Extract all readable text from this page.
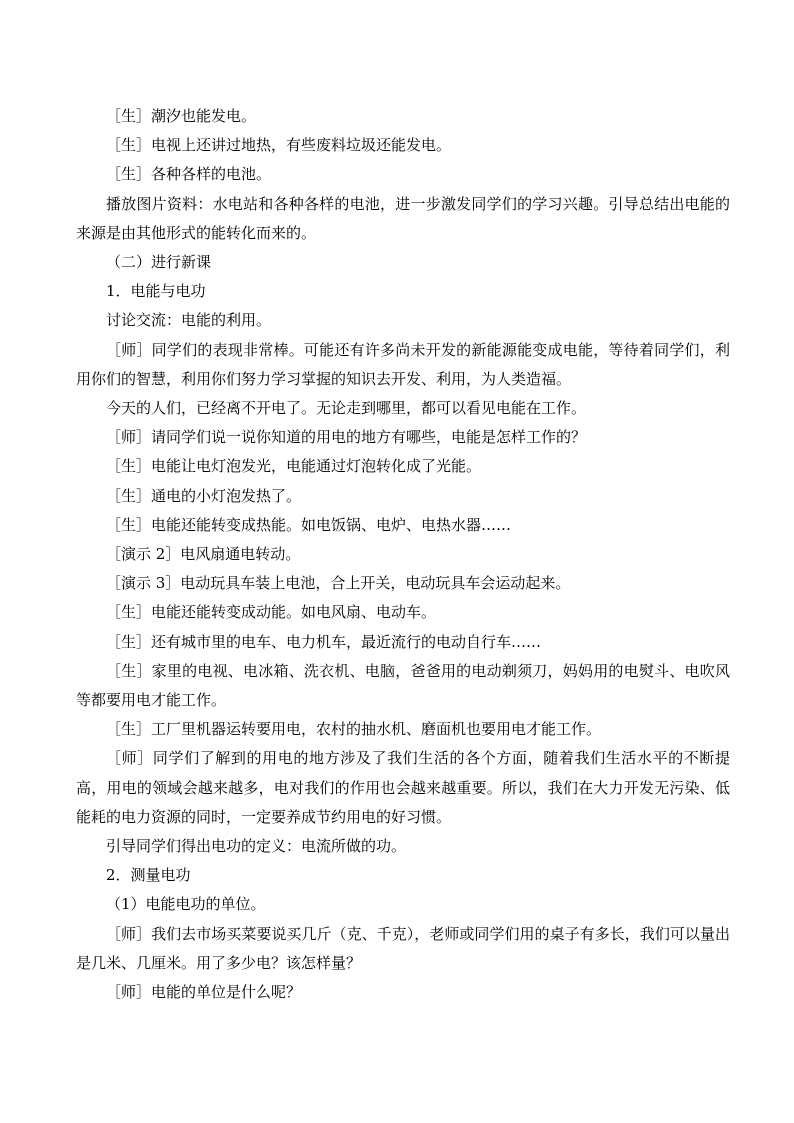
［生］潮汐也能发电。

［生］电视上还讲过地热，有些废料垃圾还能发电。

［生］各种各样的电池。

播放图片资料：水电站和各种各样的电池，进一步激发同学们的学习兴趣。引导总结出电能的来源是由其他形式的能转化而来的。

（二）进行新课

1．电能与电功

讨论交流：电能的利用。

［师］同学们的表现非常棒。可能还有许多尚未开发的新能源能变成电能，等待着同学们，利用你们的智慧，利用你们努力学习掌握的知识去开发、利用，为人类造福。

今天的人们，已经离不开电了。无论走到哪里，都可以看见电能在工作。

［师］请同学们说一说你知道的用电的地方有哪些，电能是怎样工作的？

［生］电能让电灯泡发光，电能通过灯泡转化成了光能。

［生］通电的小灯泡发热了。

［生］电能还能转变成热能。如电饭锅、电炉、电热水器……

［演示 2］电风扇通电转动。

［演示 3］电动玩具车装上电池，合上开关，电动玩具车会运动起来。

［生］电能还能转变成动能。如电风扇、电动车。

［生］还有城市里的电车、电力机车，最近流行的电动自行车……

［生］家里的电视、电冰箱、洗衣机、电脑，爸爸用的电动剃须刀，妈妈用的电熨斗、电吹风等都要用电才能工作。

［生］工厂里机器运转要用电，农村的抽水机、磨面机也要用电才能工作。

［师］同学们了解到的用电的地方涉及了我们生活的各个方面，随着我们生活水平的不断提高，用电的领域会越来越多，电对我们的作用也会越来越重要。所以，我们在大力开发无污染、低能耗的电力资源的同时，一定要养成节约用电的好习惯。

引导同学们得出电功的定义：电流所做的功。

2．测量电功

（1）电能电功的单位。

［师］我们去市场买菜要说买几斤（克、千克），老师或同学们用的桌子有多长，我们可以量出是几米、几厘米。用了多少电？该怎样量？

［师］电能的单位是什么呢？
